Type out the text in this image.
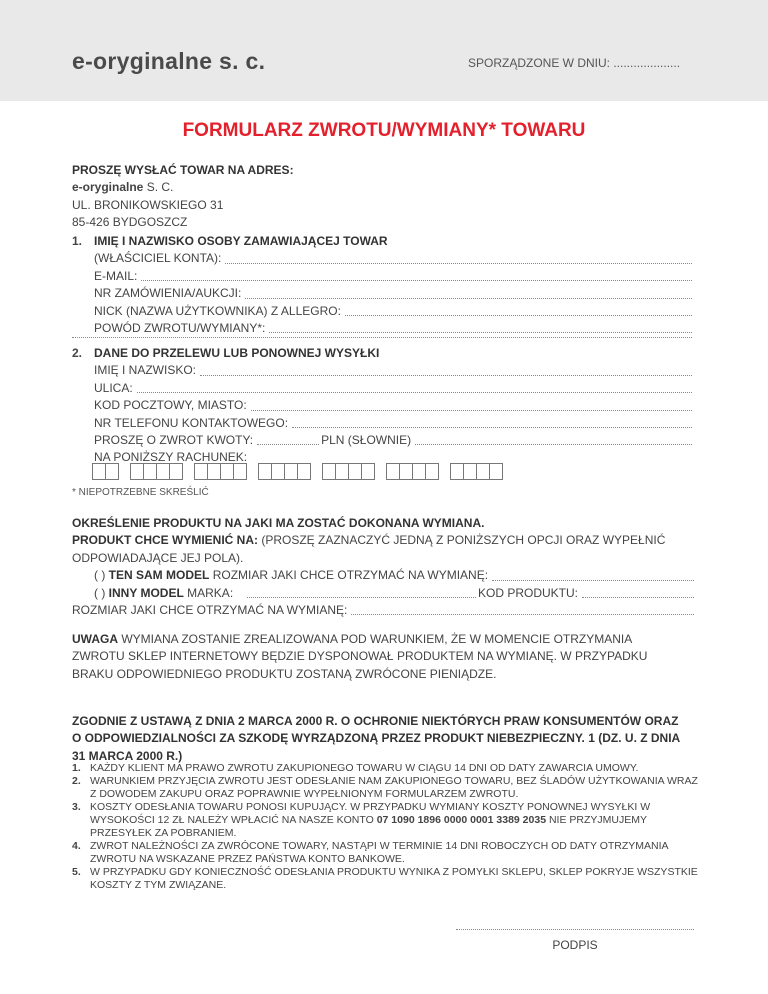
e-oryginalne s. c.	SPORZĄDZONE W DNIU: ....................
FORMULARZ ZWROTU/WYMIANY* TOWARU
PROSZĘ WYSŁAĆ TOWAR NA ADRES:
e-oryginalne S. C.
UL. BRONIKOWSKIEGO 31
85-426 BYDGOSZCZ
1. IMIĘ I NAZWISKO OSOBY ZAMAWIAJĄCEJ TOWAR
(WŁAŚCICIEL KONTA):
E-MAIL:
NR ZAMÓWIENIA/AUKCJI:
NICK (NAZWA UŻYTKOWNIKA) Z ALLEGRO:
POWÓD ZWROTU/WYMIANY*:
2. DANE DO PRZELEWU LUB PONOWNEJ WYSYŁKI
IMIĘ I NAZWISKO:
ULICA:
KOD POCZTOWY, MIASTO:
NR TELEFONU KONTAKTOWEGO:
PROSZĘ O ZWROT KWOTY:	PLN (SŁOWNIE)
NA PONIŻSZY RACHUNEK:
* NIEPOTRZEBNE SKREŚLIĆ
OKREŚLENIE PRODUKTU NA JAKI MA ZOSTAĆ DOKONANA WYMIANA.
PRODUKT CHCE WYMIENIĆ NA: (PROSZĘ ZAZNACZYĆ JEDNĄ Z PONIŻSZYCH OPCJI ORAZ WYPEŁNIĆ ODPOWIADAJĄCE JEJ POLA).
( )
TEN SAM MODEL
ROZMIAR JAKI CHCE OTRZYMAĆ NA WYMIANĘ:
( )
INNY MODEL
MARKA:	KOD PRODUKTU:
ROZMIAR JAKI CHCE OTRZYMAĆ NA WYMIANĘ:
UWAGA WYMIANA ZOSTANIE ZREALIZOWANA POD WARUNKIEM, ŻE W MOMENCIE OTRZYMANIA ZWROTU SKLEP INTERNETOWY BĘDZIE DYSPONOWAŁ PRODUKTEM NA WYMIANĘ. W PRZYPADKU BRAKU ODPOWIEDNIEGO PRODUKTU ZOSTANĄ ZWRÓCONE PIENIĄDZE.
ZGODNIE Z USTAWĄ Z DNIA 2 MARCA 2000 R. O OCHRONIE NIEKTÓRYCH PRAW KONSUMENTÓW ORAZ O ODPOWIEDZIALNOŚCI ZA SZKODĘ WYRZĄDZONĄ PRZEZ PRODUKT NIEBEZPIECZNY. 1 (DZ. U. Z DNIA 31 MARCA 2000 R.)
1. KAŻDY KLIENT MA PRAWO ZWROTU ZAKUPIONEGO TOWARU W CIĄGU 14 DNI OD DATY ZAWARCIA UMOWY.
2. WARUNKIEM PRZYJĘCIA ZWROTU JEST ODESŁANIE NAM ZAKUPIONEGO TOWARU, BEZ ŚLADÓW UŻYTKOWANIA WRAZ Z DOWODEM ZAKUPU ORAZ POPRAWNIE WYPEŁNIONYM FORMULARZEM ZWROTU.
3. KOSZTY ODESŁANIA TOWARU PONOSI KUPUJĄCY. W PRZYPADKU WYMIANY KOSZTY PONOWNEJ WYSYŁKI W WYSOKOŚCI 12 ZŁ NALEŻY WPŁACIĆ NA NASZE KONTO 07 1090 1896 0000 0001 3389 2035 NIE PRZYJMUJEMY PRZESYŁEK ZA POBRANIEM.
4. ZWROT NALEŻNOŚCI ZA ZWRÓCONE TOWARY, NASTĄPI W TERMINIE 14 DNI ROBOCZYCH OD DATY OTRZYMANIA ZWROTU NA WSKAZANE PRZEZ PAŃSTWA KONTO BANKOWE.
5. W PRZYPADKU GDY KONIECZNOŚĆ ODESŁANIA PRODUKTU WYNIKA Z POMYŁKI SKLEPU, SKLEP POKRYJE WSZYSTKIE KOSZTY Z TYM ZWIĄZANE.
PODPIS
